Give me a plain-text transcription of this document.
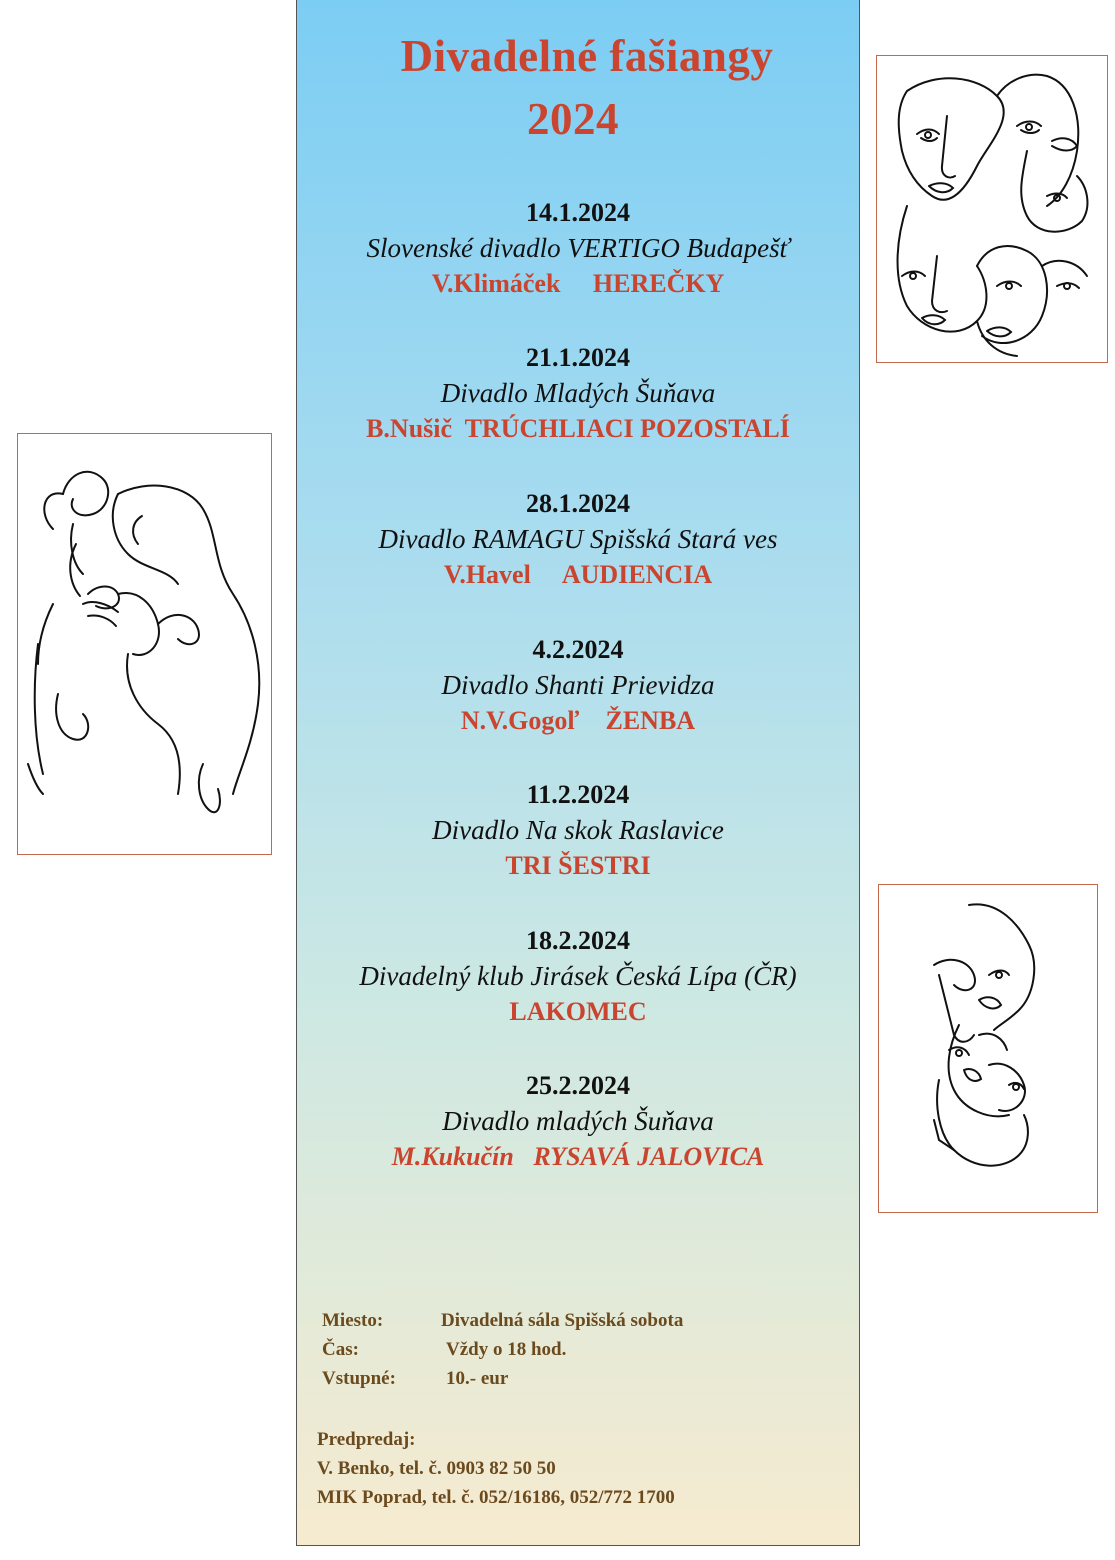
Divadelné fašiangy
2024
14.1.2024
Slovenské divadlo VERTIGO Budapešť
V.Klimáček     HEREČKY
21.1.2024
Divadlo Mladých Šuňava
B.Nušič  TRÚCHLIACI POZOSTALÍ
28.1.2024
Divadlo RAMAGU Spišská Stará ves
V.Havel     AUDIENCIA
4.2.2024
Divadlo Shanti Prievidza
N.V.Gogoľ    ŽENBA
11.2.2024
Divadlo Na skok Raslavice
TRI ŠESTRI
18.2.2024
Divadelný klub Jirásek Česká Lípa (ČR)
LAKOMEC
25.2.2024
Divadlo mladých Šuňava
M.Kukučín   RYSAVÁ JALOVICA
Miesto:	Divadelná sála Spišská sobota
Čas:	Vždy o 18 hod.
Vstupné:	10.- eur
Predpredaj:
V. Benko, tel. č. 0903 82 50 50
MIK Poprad, tel. č. 052/16186, 052/772 1700
